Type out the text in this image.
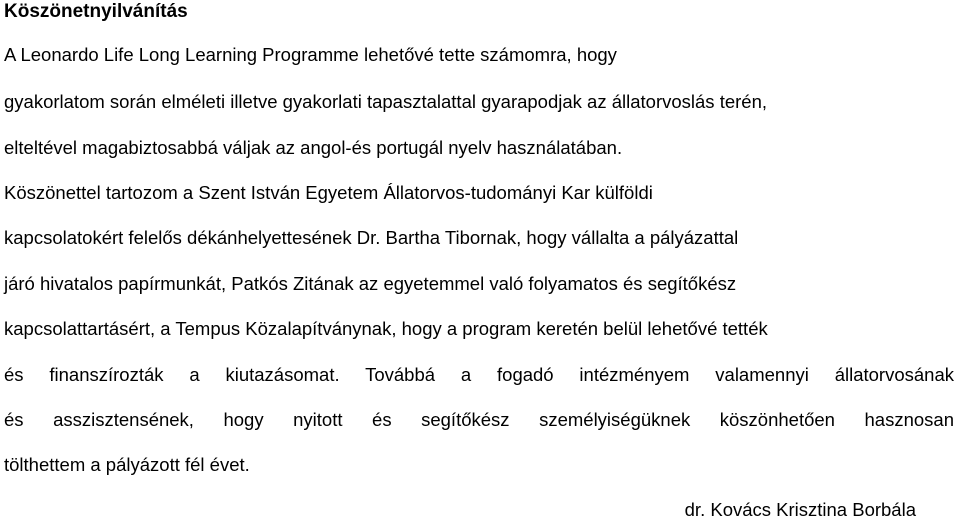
Köszönetnyilvánítás
A Leonardo Life Long Learning Programme lehetővé tette számomra, hogy
gyakorlatom során elméleti illetve gyakorlati tapasztalattal gyarapodjak az állatorvoslás terén,
elteltével magabiztosabbá váljak az angol-és portugál nyelv használatában.
Köszönettel tartozom a Szent István Egyetem Állatorvos-tudományi Kar külföldi
kapcsolatokért felelős dékánhelyettesének Dr. Bartha Tibornak, hogy vállalta a pályázattal
járó hivatalos papírmunkát, Patkós Zitának az egyetemmel való folyamatos és segítőkész
kapcsolattartásért, a Tempus Közalapítványnak, hogy a program keretén belül lehetővé tették
és finanszírozták a kiutazásomat. Továbbá a fogadó intézményem valamennyi állatorvosának
és asszisztensének, hogy nyitott és segítőkész személyiségüknek köszönhetően hasznosan
tölthettem a pályázott fél évet.
dr. Kovács Krisztina Borbála
